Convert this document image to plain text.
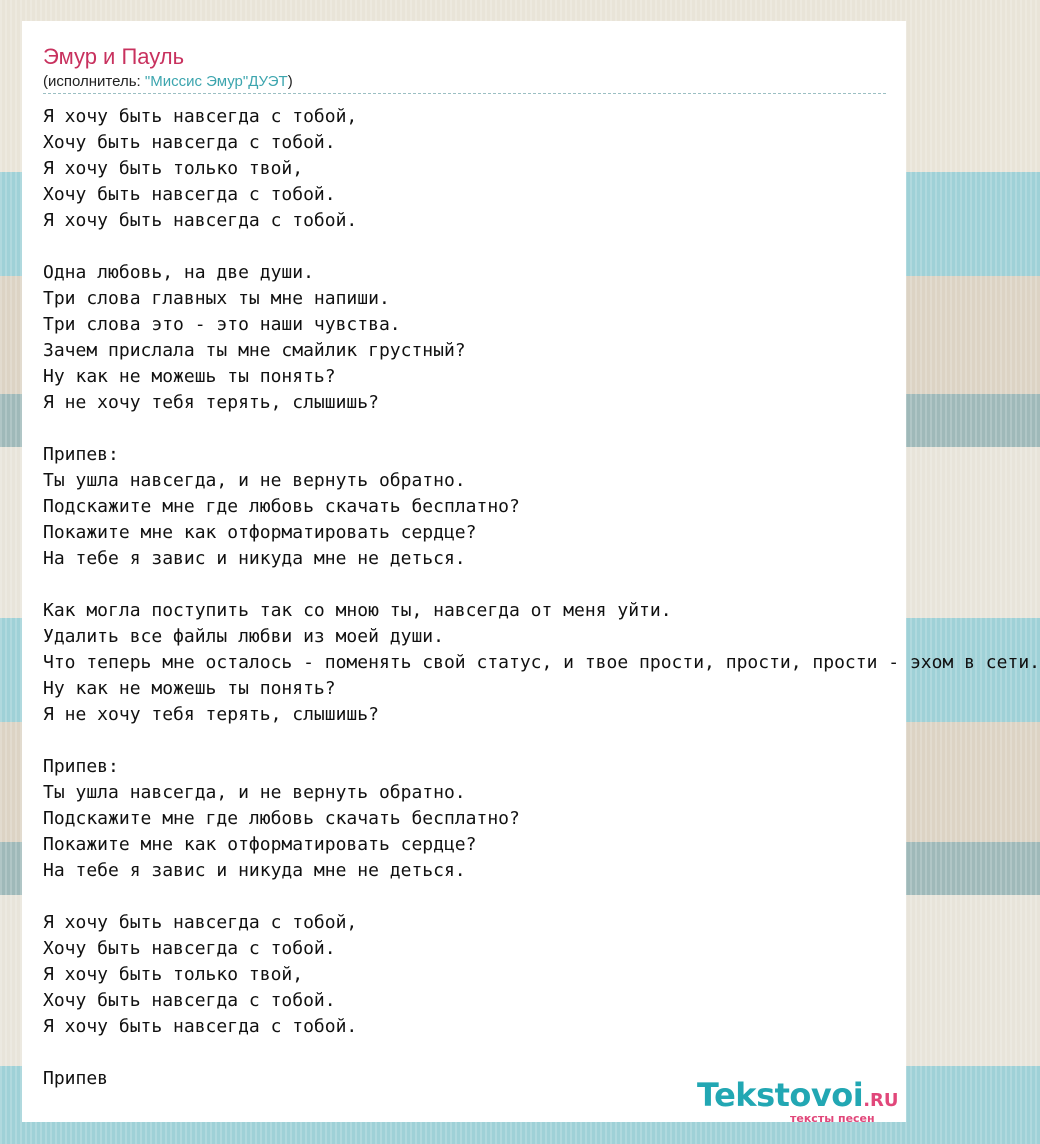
Эмур и Пауль
(исполнитель: "Миссис Эмур"ДУЭТ)
Я хочу быть навсегда с тобой,
Хочу быть навсегда с тобой.
Я хочу быть только твой,
Хочу быть навсегда с тобой.
Я хочу быть навсегда с тобой.

Одна любовь, на две души.
Три слова главных ты мне напиши.
Три слова это - это наши чувства.
Зачем прислала ты мне смайлик грустный?
Ну как не можешь ты понять?
Я не хочу тебя терять, слышишь?

Припев:
Ты ушла навсегда, и не вернуть обратно.
Подскажите мне где любовь скачать бесплатно?
Покажите мне как отформатировать сердце?
На тебе я завис и никуда мне не деться.

Как могла поступить так со мною ты, навсегда от меня уйти.
Удалить все файлы любви из моей души.
Что теперь мне осталось - поменять свой статус, и твое прости, прости, прости - эхом в сети.
Ну как не можешь ты понять?
Я не хочу тебя терять, слышишь?

Припев:
Ты ушла навсегда, и не вернуть обратно.
Подскажите мне где любовь скачать бесплатно?
Покажите мне как отформатировать сердце?
На тебе я завис и никуда мне не деться.

Я хочу быть навсегда с тобой,
Хочу быть навсегда с тобой.
Я хочу быть только твой,
Хочу быть навсегда с тобой.
Я хочу быть навсегда с тобой.

Припев	Tekstovoi.RU
тексты песен
